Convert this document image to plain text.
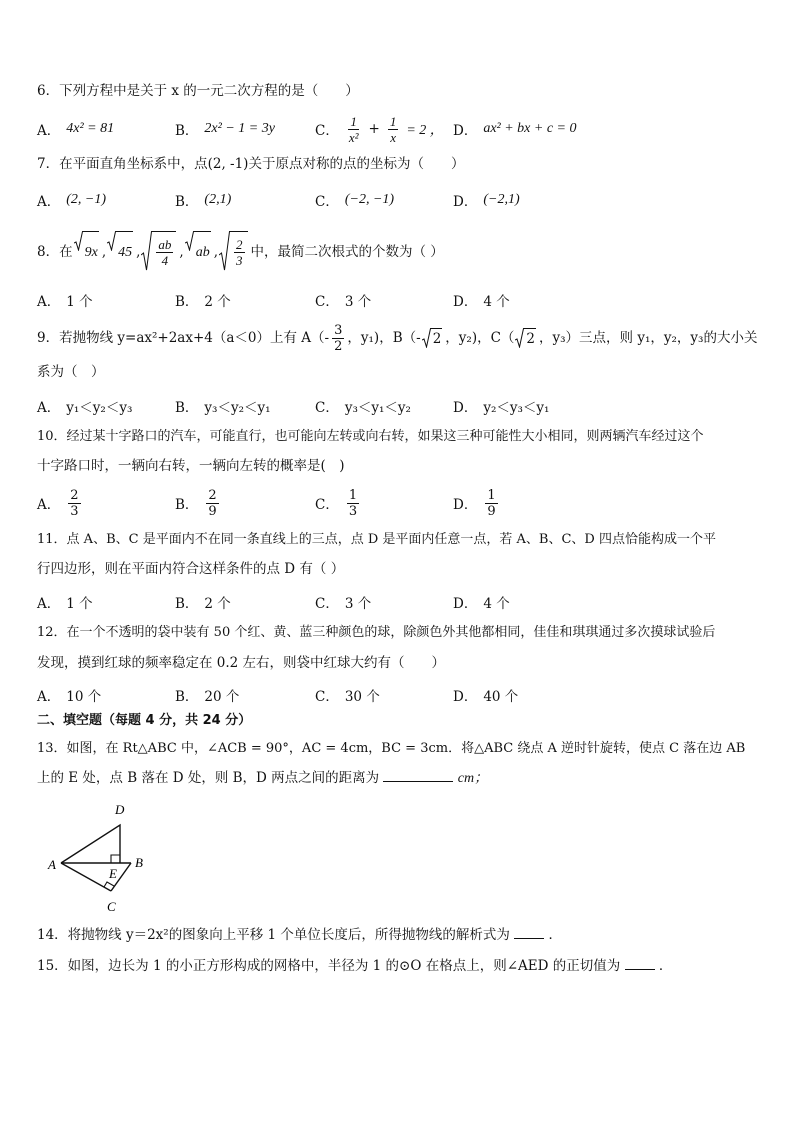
6．下列方程中是关于 x 的一元二次方程的是（　　）
A． 4x² = 81	B． 2x² − 1 = 3y	C． $\frac{1}{\text{x²}} + \frac{1}{x} = 2$ ， D． ax² + bx + c = 0
7．在平面直角坐标系中，点(2, -1)关于原点对称的点的坐标为（　　）
A． (2, −1)	B． (2,1)	C． (−2, −1)	D． (−2,1)
8．在 9x , 45 , $\frac{ab}{4}$ , ab , $\frac{2}{3}$ 中，最简二次根式的个数为（ ）
A． 1 个	B． 2 个	C． 3 个	D． 4 个
9．若抛物线 y=ax²+2ax+4（a＜0）上有 $A(- \frac{3}{2}$ ，y₁)，B（- 2 ，y₂)，C（ 2 ，y₃）三点，则 y₁，y₂，y₃的大小关
系为（　）
A． y₁＜y₂＜y₃	B． y₃＜y₂＜y₁	C． y₃＜y₁＜y₂	D． y₂＜y₃＜y₁
10．经过某十字路口的汽车，可能直行，也可能向左转或向右转，如果这三种可能性大小相同，则两辆汽车经过这个
十字路口时，一辆向右转，一辆向左转的概率是(　)
A． $\frac{2}{3}$	B． $\frac{2}{9}$	C． $\frac{1}{3}$	D． $\frac{1}{9}$
11．点 A、B、C 是平面内不在同一条直线上的三点，点 D 是平面内任意一点，若 A、B、C、D 四点恰能构成一个平
行四边形，则在平面内符合这样条件的点 D 有（ ）
A． 1 个	B． 2 个	C． 3 个	D． 4 个
12．在一个不透明的袋中装有 50 个红、黄、蓝三种颜色的球，除颜色外其他都相同，佳佳和琪琪通过多次摸球试验后
发现，摸到红球的频率稳定在 0.2 左右，则袋中红球大约有（　　）
A． 10 个	B． 20 个	C． 30 个	D． 40 个
二、填空题（每题 4 分，共 24 分）
13．如图，在 Rt△ABC 中，∠ACB = 90°，AC = 4cm，BC = 3cm．将△ABC 绕点 A 逆时针旋转，使点 C 落在边 AB
上的 E 处，点 B 落在 D 处，则 B，D 两点之间的距离为	cm；
D
A	B
E
C
14．将抛物线 y＝2x²的图象向上平移 1 个单位长度后，所得抛物线的解析式为	．
15．如图，边长为 1 的小正方形构成的网格中，半径为 1 的⊙O 在格点上，则∠AED 的正切值为	．
